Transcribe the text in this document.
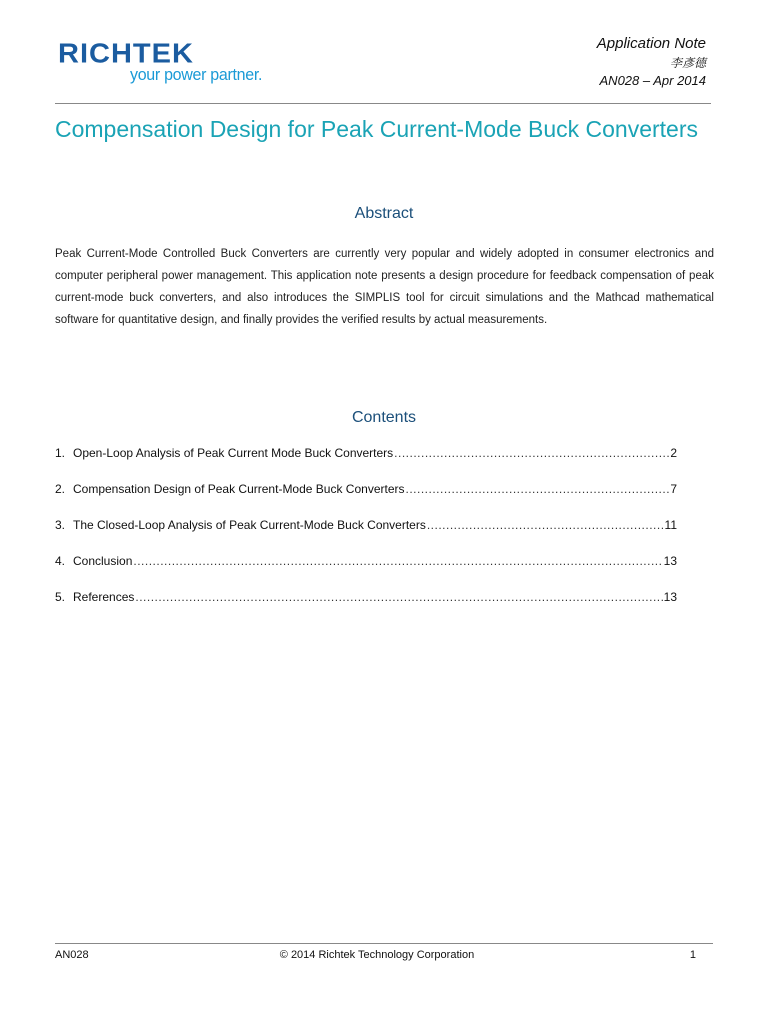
RICHTEK
your power partner.
Application Note
李彥德
AN028 – Apr 2014
Compensation Design for Peak Current-Mode Buck Converters
Abstract
Peak Current-Mode Controlled Buck Converters are currently very popular and widely adopted in consumer electronics and computer peripheral power management. This application note presents a design procedure for feedback compensation of peak current-mode buck converters, and also introduces the SIMPLIS tool for circuit simulations and the Mathcad mathematical software for quantitative design, and finally provides the verified results by actual measurements.
Contents
1. Open-Loop Analysis of Peak Current Mode Buck Converters .....	2
2. Compensation Design of Peak Current-Mode Buck Converters .....	7
3. The Closed-Loop Analysis of Peak Current-Mode Buck Converters .....	11
4. Conclusion .....	13
5. References .....	13
AN028	© 2014 Richtek Technology Corporation	1
